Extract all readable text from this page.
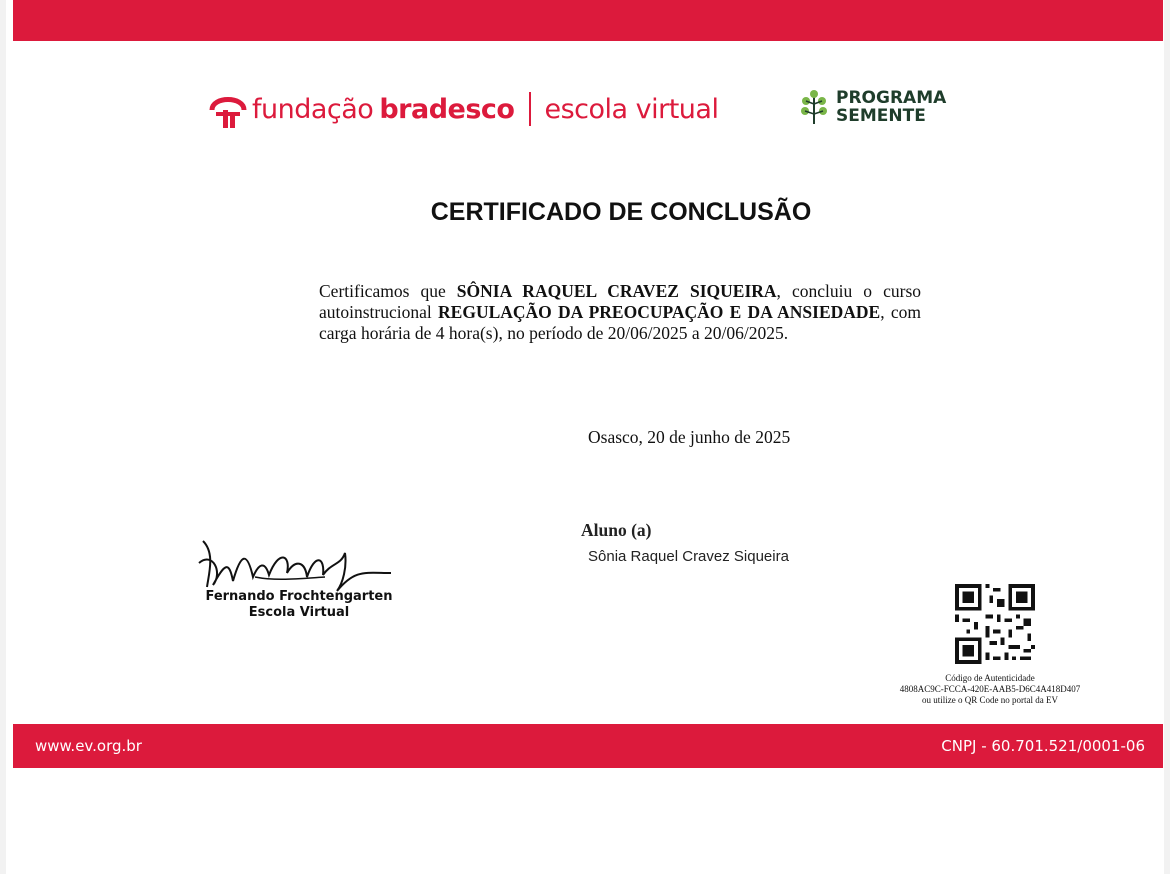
fundação bradesco escola virtual	PROGRAMA
SEMENTE
CERTIFICADO DE CONCLUSÃO
Certificamos que SÔNIA RAQUEL CRAVEZ SIQUEIRA, concluiu o curso autoinstrucional REGULAÇÃO DA PREOCUPAÇÃO E DA ANSIEDADE, com carga horária de 4 hora(s), no período de 20/06/2025 a 20/06/2025.
Osasco, 20 de junho de 2025
Aluno (a)
Sônia Raquel Cravez Siqueira
Fernando Frochtengarten
Escola Virtual
Código de Autenticidade
4808AC9C-FCCA-420E-AAB5-D6C4A418D407
ou utilize o QR Code no portal da EV
www.ev.org.br	CNPJ - 60.701.521/0001-06
